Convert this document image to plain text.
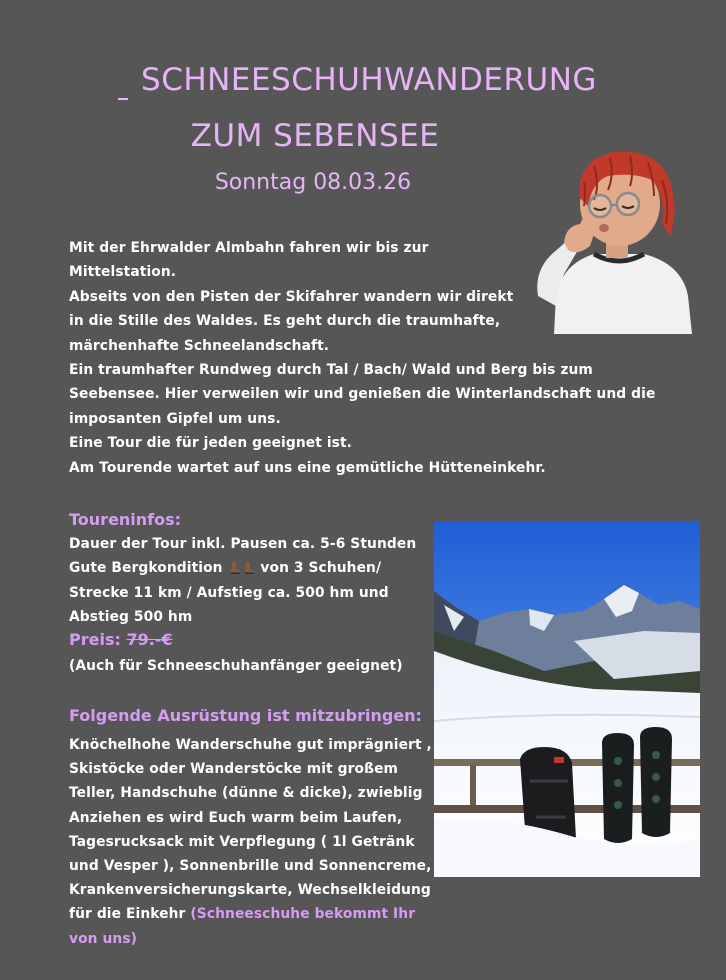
SCHNEESCHUHWANDERUNG
ZUM SEBENSEE
Sonntag 08.03.26
Mit der Ehrwalder Almbahn fahren wir bis zur
Mittelstation.
Abseits von den Pisten der Skifahrer wandern wir direkt
in die Stille des Waldes. Es geht durch die traumhafte,
märchenhafte Schneelandschaft.
Ein traumhafter Rundweg durch Tal / Bach/ Wald und Berg bis zum
Seebensee. Hier verweilen wir und genießen die Winterlandschaft und die
imposanten Gipfel um uns.
Eine Tour die für jeden geeignet ist.
Am Tourende wartet auf uns eine gemütliche Hütteneinkehr.
Toureninfos:
Dauer der Tour inkl. Pausen ca. 5-6 Stunden
Gute Bergkondition	von 3 Schuhen/
Strecke 11 km / Aufstieg ca. 500 hm und
Abstieg 500 hm
Preis: 79.-€
(Auch für Schneeschuhanfänger geeignet)
Folgende Ausrüstung ist mitzubringen:
Knöchelhohe Wanderschuhe gut imprägniert ,
Skistöcke oder Wanderstöcke mit großem
Teller, Handschuhe (dünne & dicke), zwieblig
Anziehen es wird Euch warm beim Laufen,
Tagesrucksack mit Verpflegung ( 1l Getränk
und Vesper ), Sonnenbrille und Sonnencreme,
Krankenversicherungskarte, Wechselkleidung
für die Einkehr (Schneeschuhe bekommt Ihr
von uns)
